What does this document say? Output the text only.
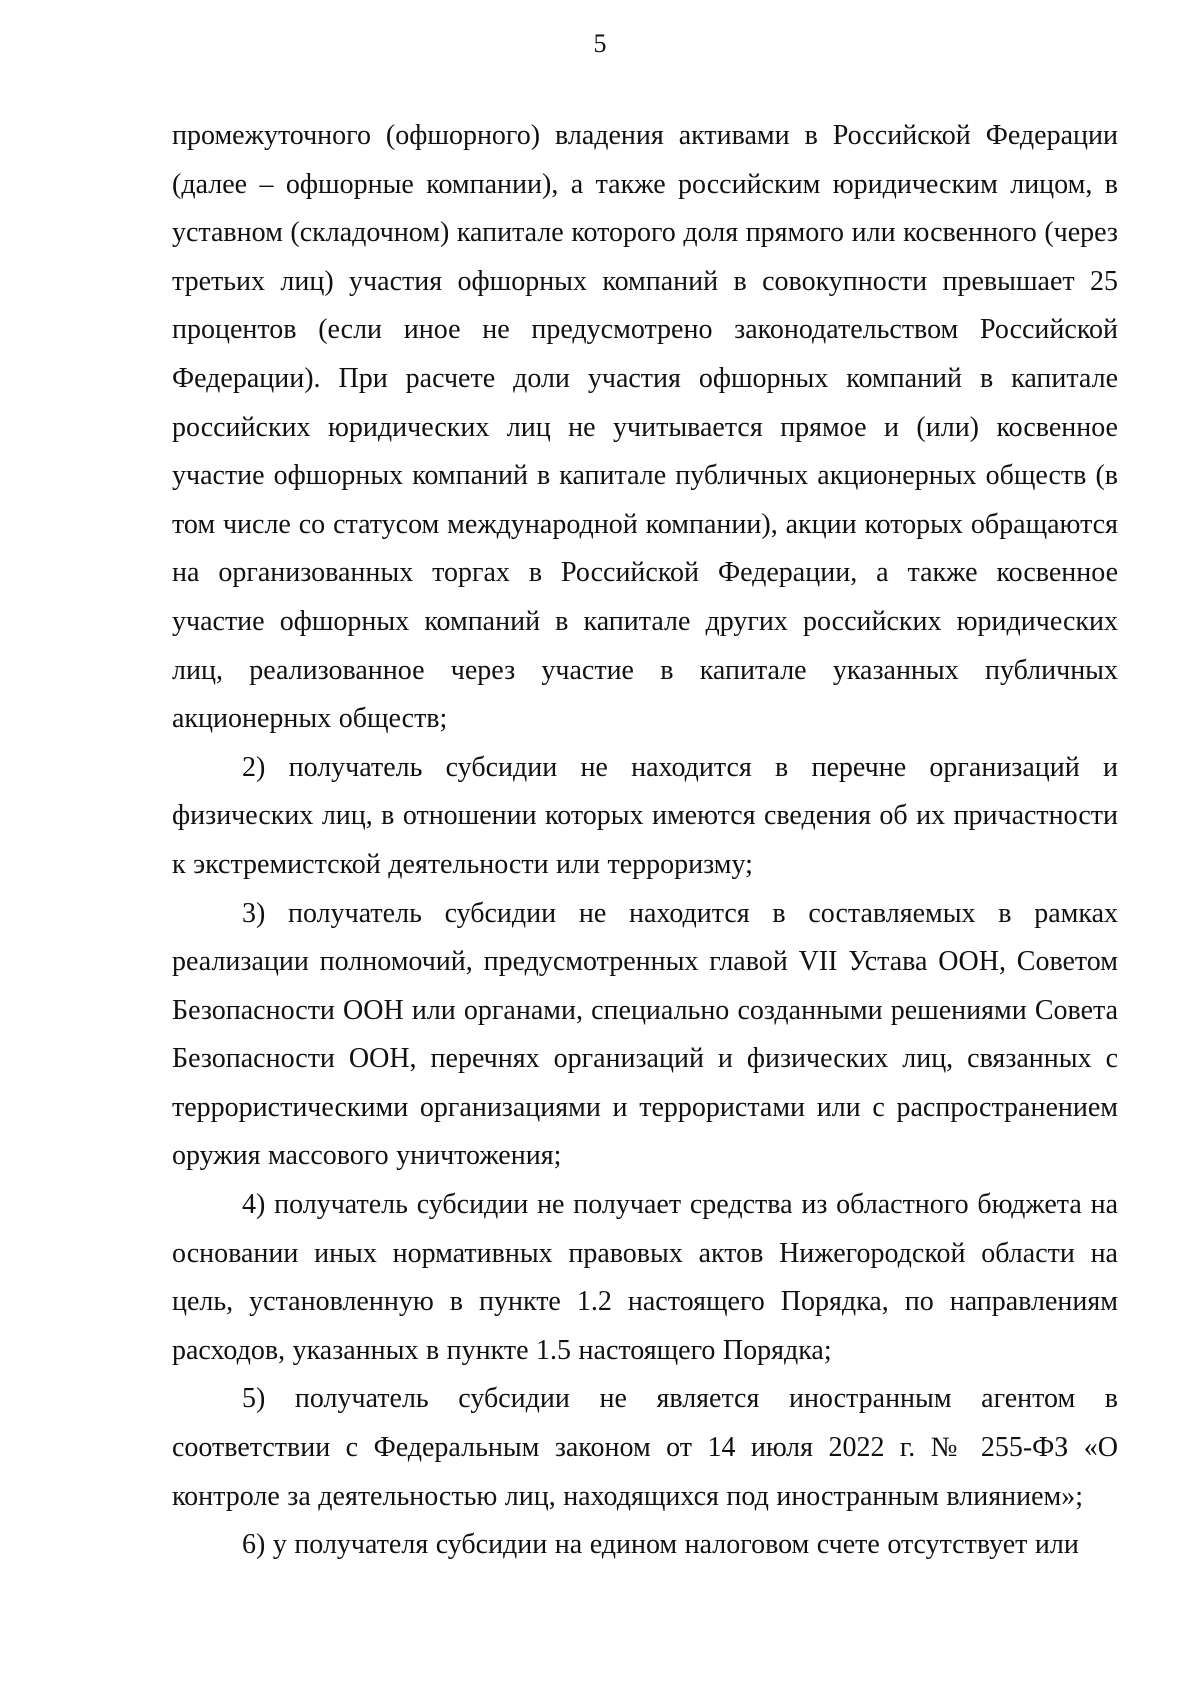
5

промежуточного (офшорного) владения активами в Российской Федерации (далее – офшорные компании), а также российским юридическим лицом, в уставном (складочном) капитале которого доля прямого или косвенного (через третьих лиц) участия офшорных компаний в совокупности превышает 25 процентов (если иное не предусмотрено законодательством Российской Федерации). При расчете доли участия офшорных компаний в капитале российских юридических лиц не учитывается прямое и (или) косвенное участие офшорных компаний в капитале публичных акционерных обществ (в том числе со статусом международной компании), акции которых обращаются на организованных торгах в Российской Федерации, а также косвенное участие офшорных компаний в капитале других российских юридических лиц, реализованное через участие в капитале указанных публичных акционерных обществ;

2) получатель субсидии не находится в перечне организаций и физических лиц, в отношении которых имеются сведения об их причастности к экстремистской деятельности или терроризму;

3) получатель субсидии не находится в составляемых в рамках реализации полномочий, предусмотренных главой VII Устава ООН, Советом Безопасности ООН или органами, специально созданными решениями Совета Безопасности ООН, перечнях организаций и физических лиц, связанных с террористическими организациями и террористами или с распространением оружия массового уничтожения;

4) получатель субсидии не получает средства из областного бюджета на основании иных нормативных правовых актов Нижегородской области на цель, установленную в пункте 1.2 настоящего Порядка, по направлениям расходов, указанных в пункте 1.5 настоящего Порядка;

5) получатель субсидии не является иностранным агентом в соответствии с Федеральным законом от 14 июля 2022 г. № 255-ФЗ «О контроле за деятельностью лиц, находящихся под иностранным влиянием»;

6) у получателя субсидии на едином налоговом счете отсутствует или
